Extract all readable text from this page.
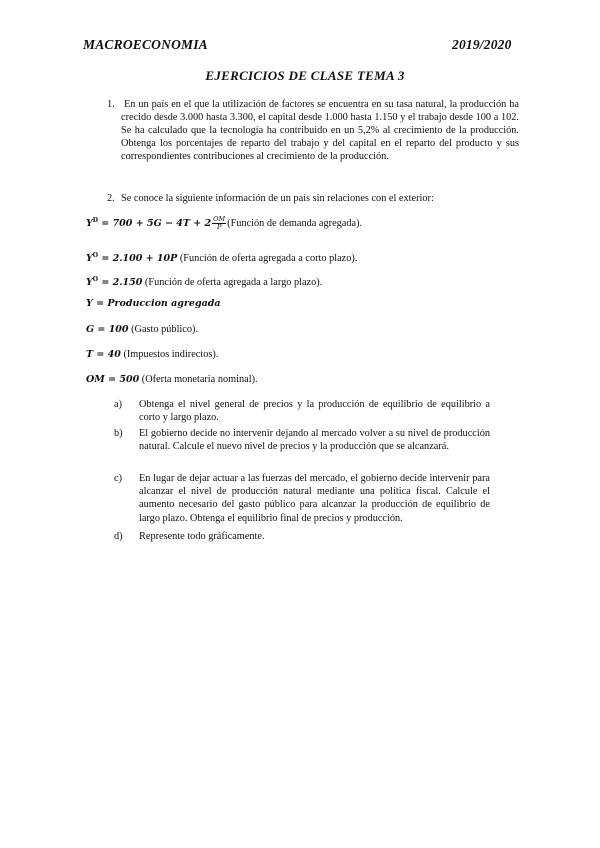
MACROECONOMIA	2019/2020
EJERCICIOS DE CLASE TEMA 3
1. En un país en el que la utilización de factores se encuentra en su tasa natural, la producción ha crecido desde 3.000 hasta 3.300, el capital desde 1.000 hasta 1.150 y el trabajo desde 100 a 102. Se ha calculado que la tecnología ha contribuido en un 5,2% al crecimiento de la producción. Obtenga los porcentajes de reparto del trabajo y del capital en el reparto del producto y sus correspondientes contribuciones al crecimiento de la producción.
2. Se conoce la siguiente información de un país sin relaciones con el exterior:
$Y^D = 700 + 5G - 4T + 2 \frac{OM}{P}$ (Función de demanda agregada).
$Y^O = 2.100 + 10P$ (Función de oferta agregada a corto plazo).
$Y^O = 2.150$ (Función de oferta agregada a largo plazo).
Y = Produccion agregada
G = 100 (Gasto público).
T = 40 (Impuestos indirectos).
OM = 500 (Oferta monetaria nominal).
a) Obtenga el nivel general de precios y la producción de equilibrio de equilibrio a corto y largo plazo.
b) El gobierno decide no intervenir dejando al mercado volver a su nivel de producción natural. Calcule el nuevo nivel de precios y la producción que se alcanzará.
c) En lugar de dejar actuar a las fuerzas del mercado, el gobierno decide intervenir para alcanzar el nivel de producción natural mediante una política fiscal. Calcule el aumento necesario del gasto público para alcanzar la producción de equilibrio de largo plazo. Obtenga el equilibrio final de precios y producción.
d) Represente todo gráficamente.
